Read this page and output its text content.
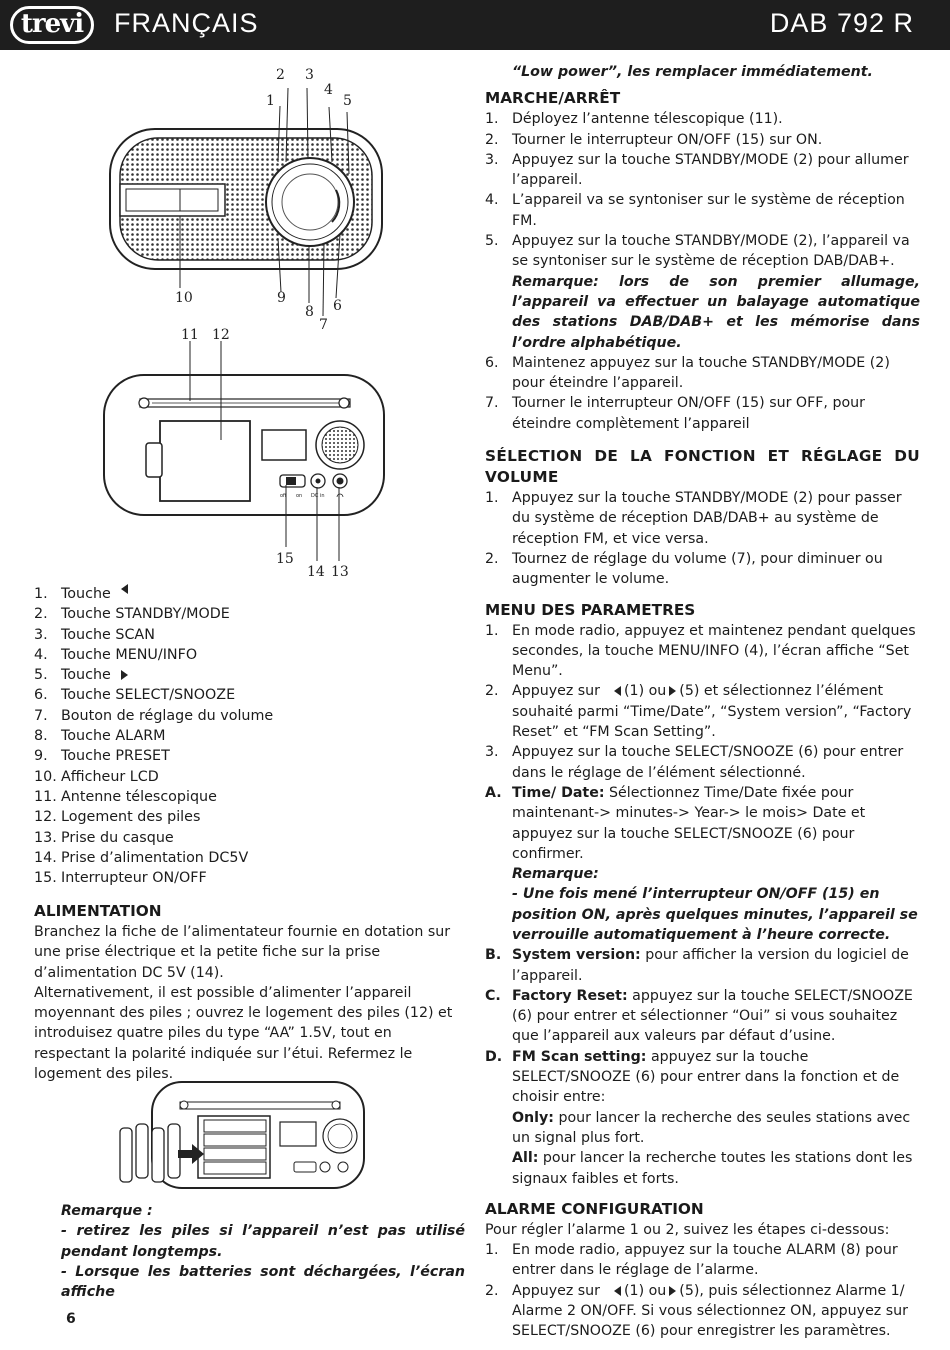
trevi FRANÇAIS	DAB 792 R
1
2 3
4
5
6
7
8
9
10
off on DC in
11 12
15
14 13
1. Touche
2. Touche STANDBY/MODE
3. Touche SCAN
4. Touche MENU/INFO
5. Touche
6. Touche SELECT/SNOOZE
7. Bouton de réglage du volume
8. Touche ALARM
9. Touche PRESET
10. Afficheur LCD
11. Antenne télescopique
12. Logement des piles
13. Prise du casque
14. Prise d’alimentation DC5V
15. Interrupteur ON/OFF
ALIMENTATION

Branchez la fiche de l’alimentateur fournie en dotation sur une prise électrique et la petite fiche sur la prise d’alimentation DC 5V (14).

Alternativement, il est possible d’alimenter l’appareil moyennant des piles ; ouvrez le logement des piles (12) et introduisez quatre piles du type “AA” 1.5V, tout en respectant la polarité indiquée sur l’étui. Refermez le logement des piles.

Remarque :

- retirez les piles si l’appareil n’est pas utilisé pendant longtemps.

- Lorsque les batteries sont déchargées, l’écran affiche

6

“Low power”, les remplacer immédiatement.

MARCHE/ARRÊT
1. Déployez l’antenne télescopique (11).
2. Tourner le interrupteur ON/OFF (15) sur ON.
3. Appuyez sur la touche STANDBY/MODE (2) pour allumer l’appareil.
4. L’appareil va se syntoniser sur le système de réception FM.
5. Appuyez sur la touche STANDBY/MODE (2), l’appareil va se syntoniser sur le système de réception DAB/DAB+.

Remarque: lors de son premier allumage, l’appareil va effectuer un balayage automatique des stations DAB/DAB+ et les mémorise dans l’ordre alphabétique.
6. Maintenez appuyez sur la touche STANDBY/MODE (2) pour éteindre l’appareil.
7. Tourner le interrupteur ON/OFF (15) sur OFF, pour éteindre complètement l’appareil
SÉLECTION DE LA FONCTION ET RÉGLAGE DU VOLUME
1. Appuyez sur la touche STANDBY/MODE (2) pour passer du système de réception DAB/DAB+ au système de réception FM, et vice versa.
2. Tournez de réglage du volume (7), pour diminuer ou augmenter le volume.
MENU DES PARAMETRES
1. En mode radio, appuyez et maintenez pendant quelques secondes, la touche MENU/INFO (4), l’écran affiche “Set Menu”.
2. Appuyez sur (1) ou (5) et sélectionnez l’élément souhaité parmi “Time/Date”, “System version”, “Factory Reset” et “FM Scan Setting”.
3. Appuyez sur la touche SELECT/SNOOZE (6) pour entrer dans le réglage de l’élément sélectionné.
A. Time/ Date: Sélectionnez Time/Date fixée pour maintenant-> minutes-> Year-> le mois> Date et appuyez sur la touche SELECT/SNOOZE (6) pour confirmer.
Remarque:
- Une fois mené l’interrupteur ON/OFF (15) en position ON, après quelques minutes, l’appareil se verrouille automatiquement à l’heure correcte.
B. System version: pour afficher la version du logiciel de l’appareil.
C. Factory Reset: appuyez sur la touche SELECT/SNOOZE (6) pour entrer et sélectionner “Oui” si vous souhaitez que l’appareil aux valeurs par défaut d’usine.
D. FM Scan setting: appuyez sur la touche SELECT/SNOOZE (6) pour entrer dans la fonction et de choisir entre:
Only: pour lancer la recherche des seules stations avec un signal plus fort.
All: pour lancer la recherche toutes les stations dont les signaux faibles et forts.
ALARME CONFIGURATION

Pour régler l’alarme 1 ou 2, suivez les étapes ci-dessous:

1. En mode radio, appuyez sur la touche ALARM (8) pour entrer dans le réglage de l’alarme.
2. Appuyez sur (1) ou (5), puis sélectionnez Alarme 1/ Alarme 2 ON/OFF. Si vous sélectionnez ON, appuyez sur SELECT/SNOOZE (6) pour enregistrer les paramètres.
